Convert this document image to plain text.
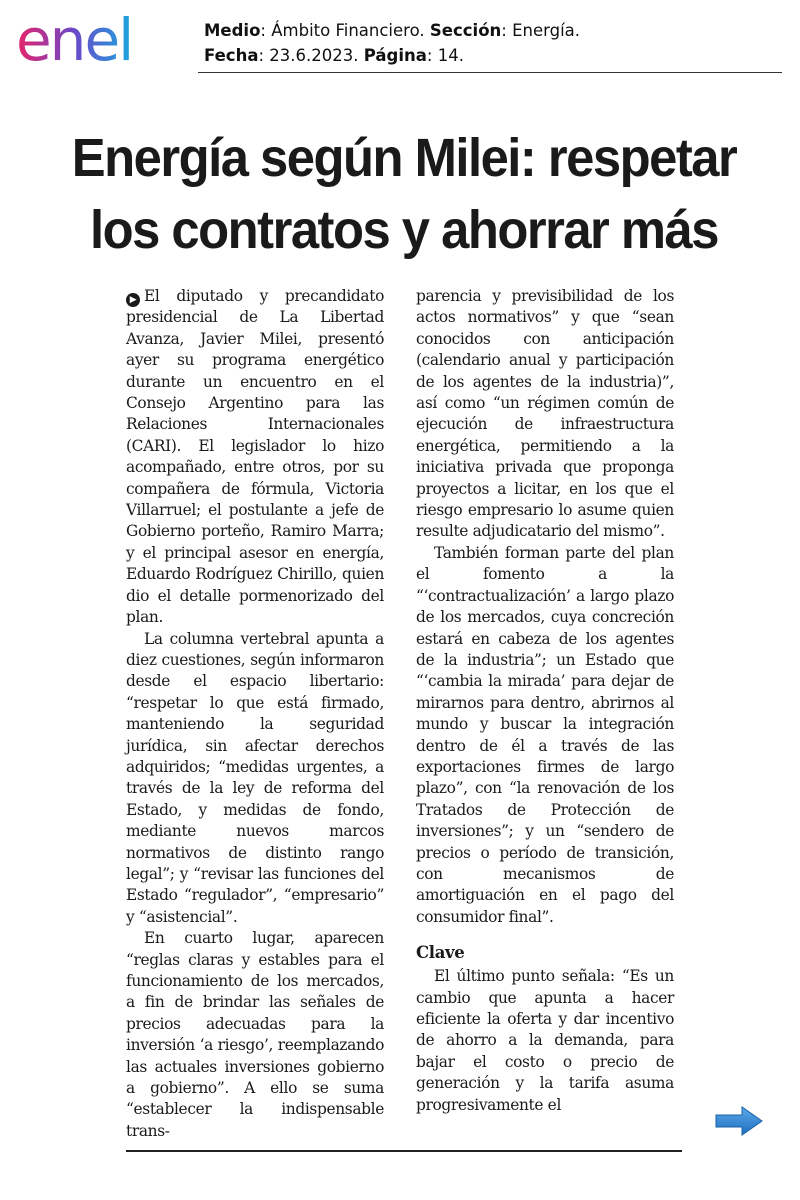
enel	Medio: Ámbito Financiero. Sección: Energía.
Fecha: 23.6.2023. Página: 14.
Energía según Milei: respetar
los contratos y ahorrar más

▶ El diputado y precandidato presidencial de La Libertad Avanza, Javier Milei, presentó ayer su programa energético durante un encuentro en el Consejo Argentino para las Relaciones Internacionales (CARI). El legislador lo hizo acompañado, entre otros, por su compañera de fórmula, Victoria Villarruel; el postulante a jefe de Gobierno porteño, Ramiro Marra; y el principal asesor en energía, Eduardo Rodríguez Chirillo, quien dio el detalle pormenorizado del plan.

La columna vertebral apunta a diez cuestiones, según informaron desde el espacio libertario: “respetar lo que está firmado, manteniendo la seguridad jurídica, sin afectar derechos adquiridos; “medidas urgentes, a través de la ley de reforma del Estado, y medidas de fondo, mediante nuevos marcos normativos de distinto rango legal”; y “revisar las funciones del Estado “regulador”, “empresario” y “asistencial”.

En cuarto lugar, aparecen “reglas claras y estables para el funcionamiento de los mercados, a fin de brindar las señales de precios adecuadas para la inversión ‘a riesgo’, reemplazando las actuales inversiones gobierno a gobierno”. A ello se suma “establecer la indispensable trans-

parencia y previsibilidad de los actos normativos” y que “sean conocidos con anticipación (calendario anual y participación de los agentes de la industria)”, así como “un régimen común de ejecución de infraestructura energética, permitiendo a la iniciativa privada que proponga proyectos a licitar, en los que el riesgo empresario lo asume quien resulte adjudicatario del mismo”.

También forman parte del plan el fomento a la “‘contractualización’ a largo plazo de los mercados, cuya concreción estará en cabeza de los agentes de la industria”; un Estado que “‘cambia la mirada’ para dejar de mirarnos para dentro, abrirnos al mundo y buscar la integración dentro de él a través de las exportaciones firmes de largo plazo”, con “la renovación de los Tratados de Protección de inversiones”; y un “sendero de precios o período de transición, con mecanismos de amortiguación en el pago del consumidor final”.

Clave

El último punto señala: “Es un cambio que apunta a hacer eficiente la oferta y dar incentivo de ahorro a la demanda, para bajar el costo o precio de generación y la tarifa asuma progresivamente el
